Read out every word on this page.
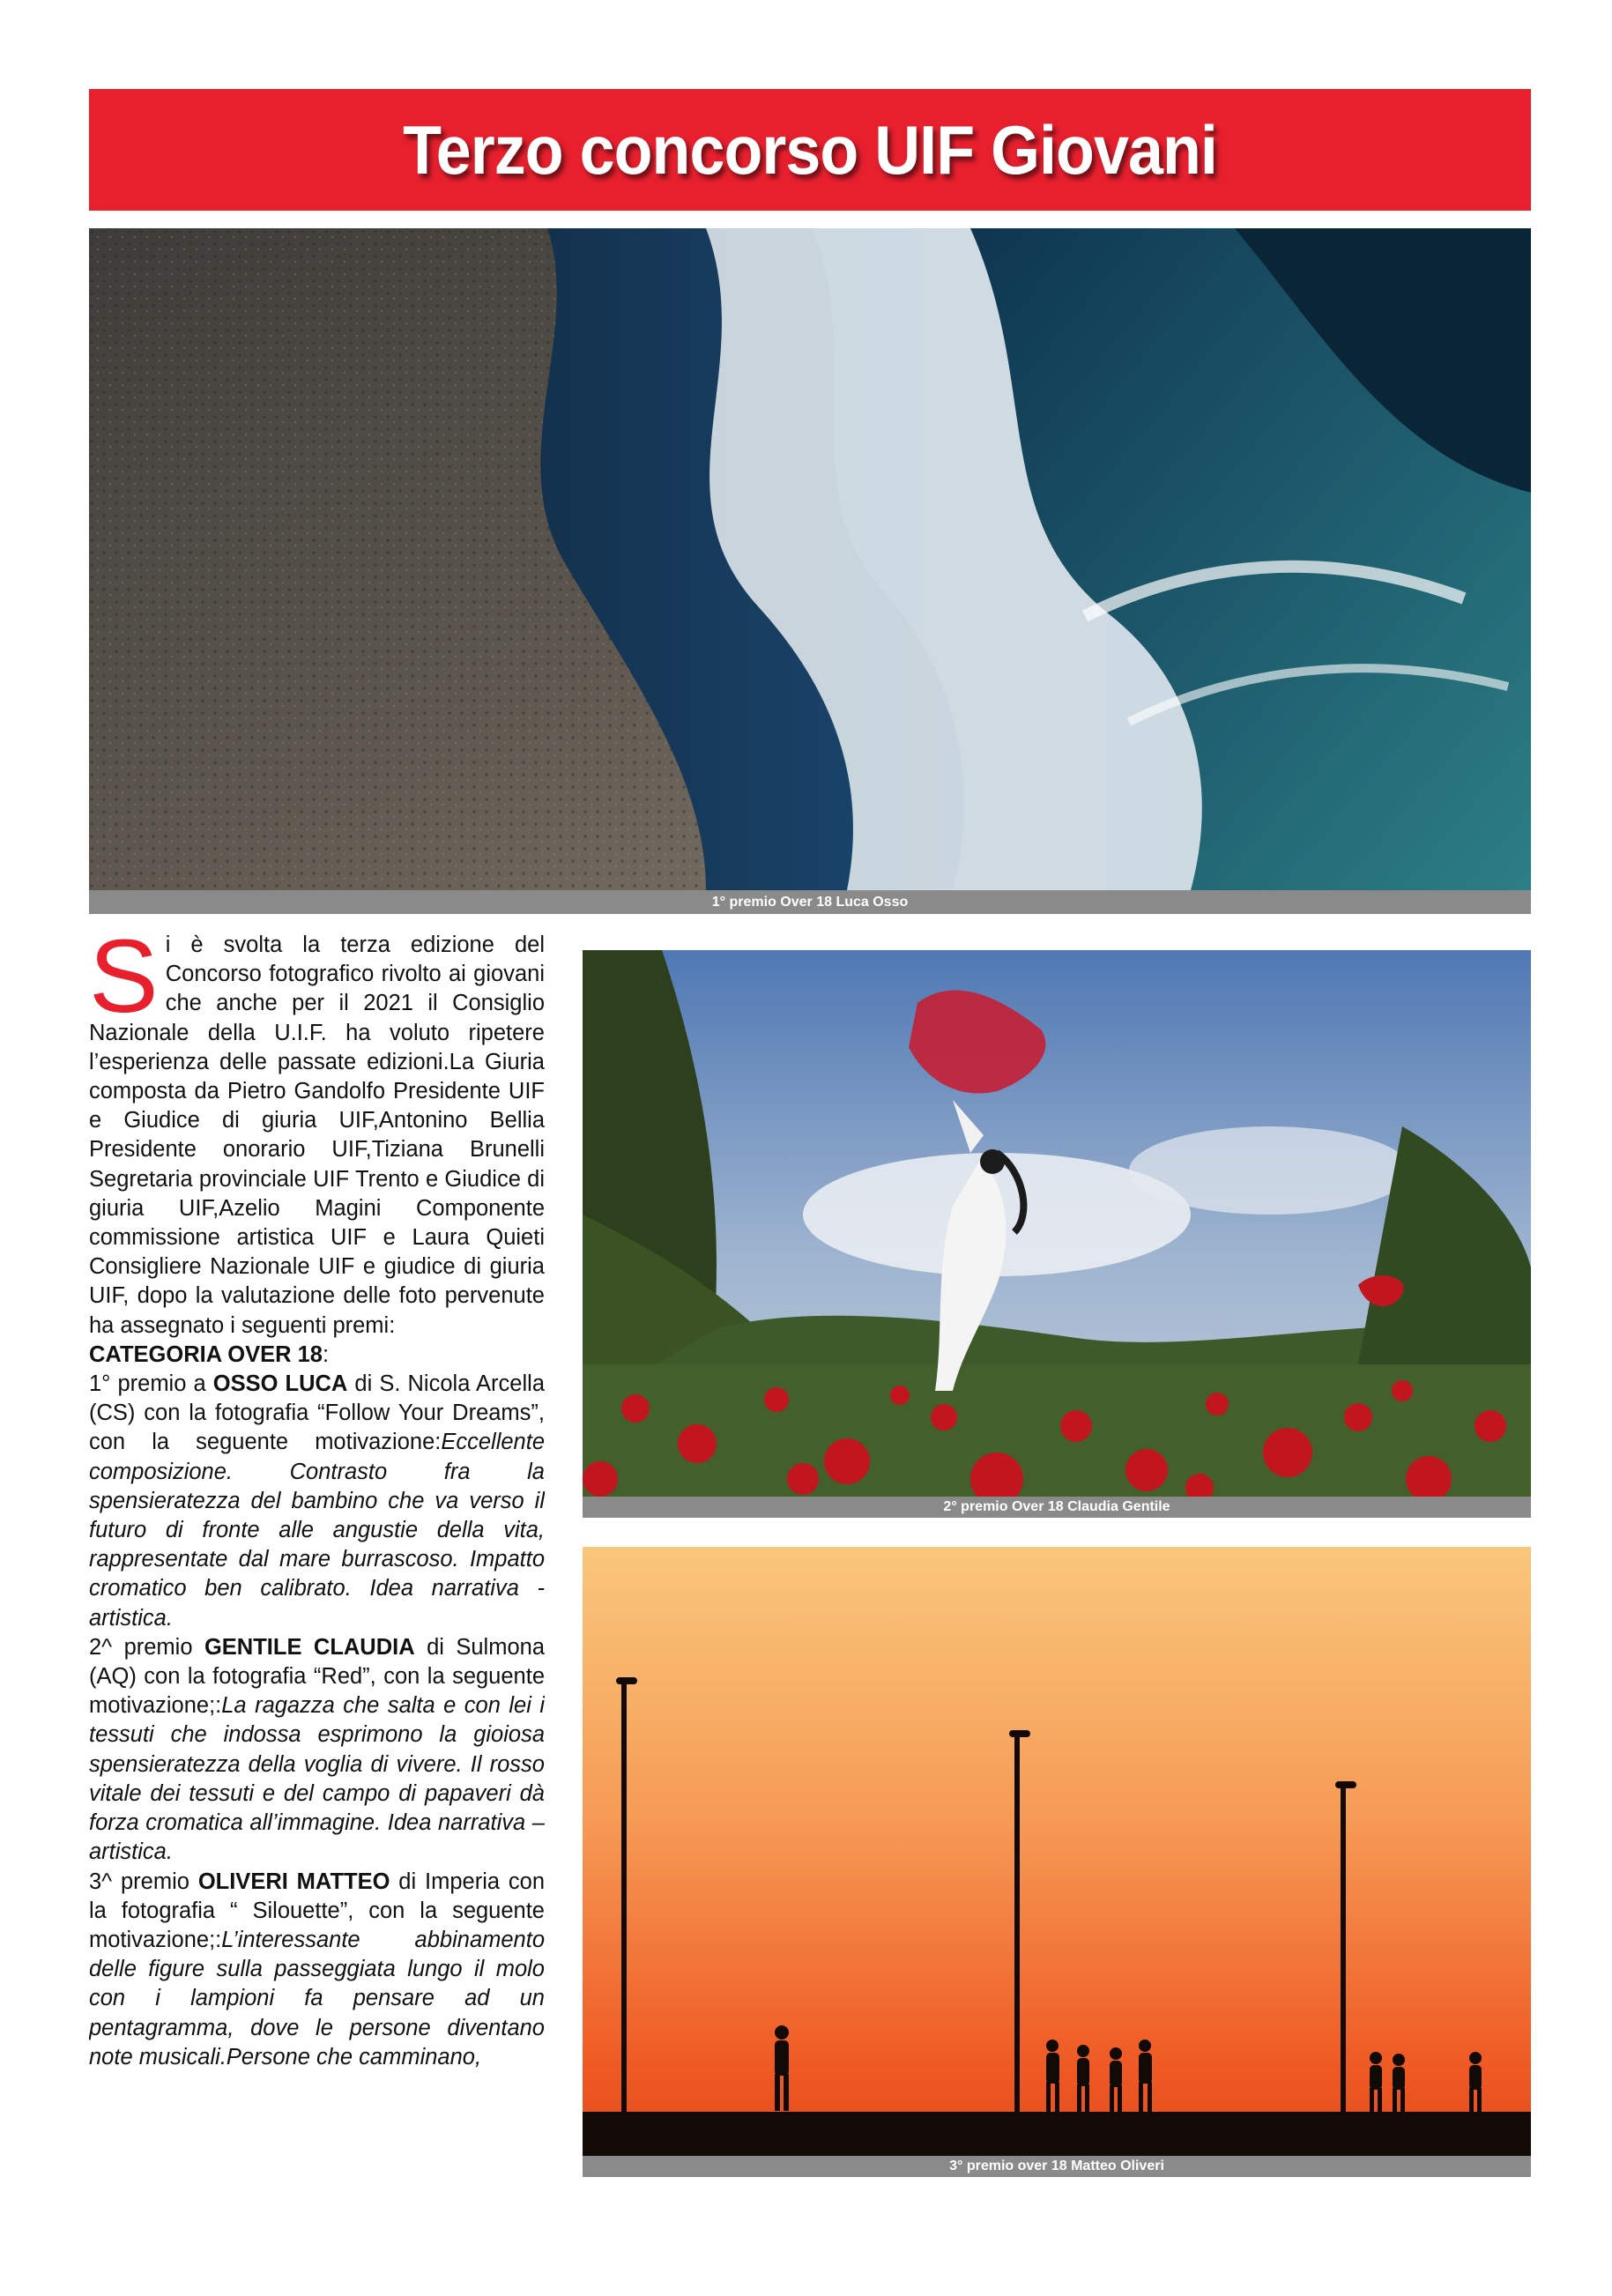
Terzo concorso UIF Giovani
1° premio Over 18 Luca Osso
2° premio Over 18 Claudia Gentile
3° premio over 18 Matteo Oliveri

Si è svolta la terza edizione del Concorso fotografico rivolto ai giovani che anche per il 2021 il Consiglio Nazionale della U.I.F. ha voluto ripetere l’esperienza delle passate edizioni.La Giuria composta da Pietro Gandolfo Presidente UIF e Giudice di giuria UIF,Antonino Bellia Presidente onorario UIF,Tiziana Brunelli Segretaria provinciale UIF Trento e Giudice di giuria UIF,Azelio Magini Componente commissione artistica UIF e Laura Quieti Consigliere Nazionale UIF e giudice di giuria UIF, dopo la valutazione delle foto pervenute ha assegnato i seguenti premi:

CATEGORIA OVER 18:

1° premio a OSSO LUCA di S. Nicola Arcella (CS) con la fotografia “Follow Your Dreams”, con la seguente motivazione:Eccellente composizione. Contrasto fra la spensieratezza del bambino che va verso il futuro di fronte alle angustie della vita, rappresentate dal mare burrascoso. Impatto cromatico ben calibrato. Idea narrativa -artistica.

2^ premio GENTILE CLAUDIA di Sulmona (AQ) con la fotografia “Red”, con la seguente motivazione;:La ragazza che salta e con lei i tessuti che indossa esprimono la gioiosa spensieratezza della voglia di vivere. Il rosso vitale dei tessuti e del campo di papaveri dà forza cromatica all’immagine. Idea narrativa – artistica.

3^ premio OLIVERI MATTEO di Imperia con la fotografia “ Silouette”, con la seguente motivazione;:L’interessante abbinamento delle figure sulla passeggiata lungo il molo con i lampioni fa pensare ad un pentagramma, dove le persone diventano note musicali.Persone che camminano,
